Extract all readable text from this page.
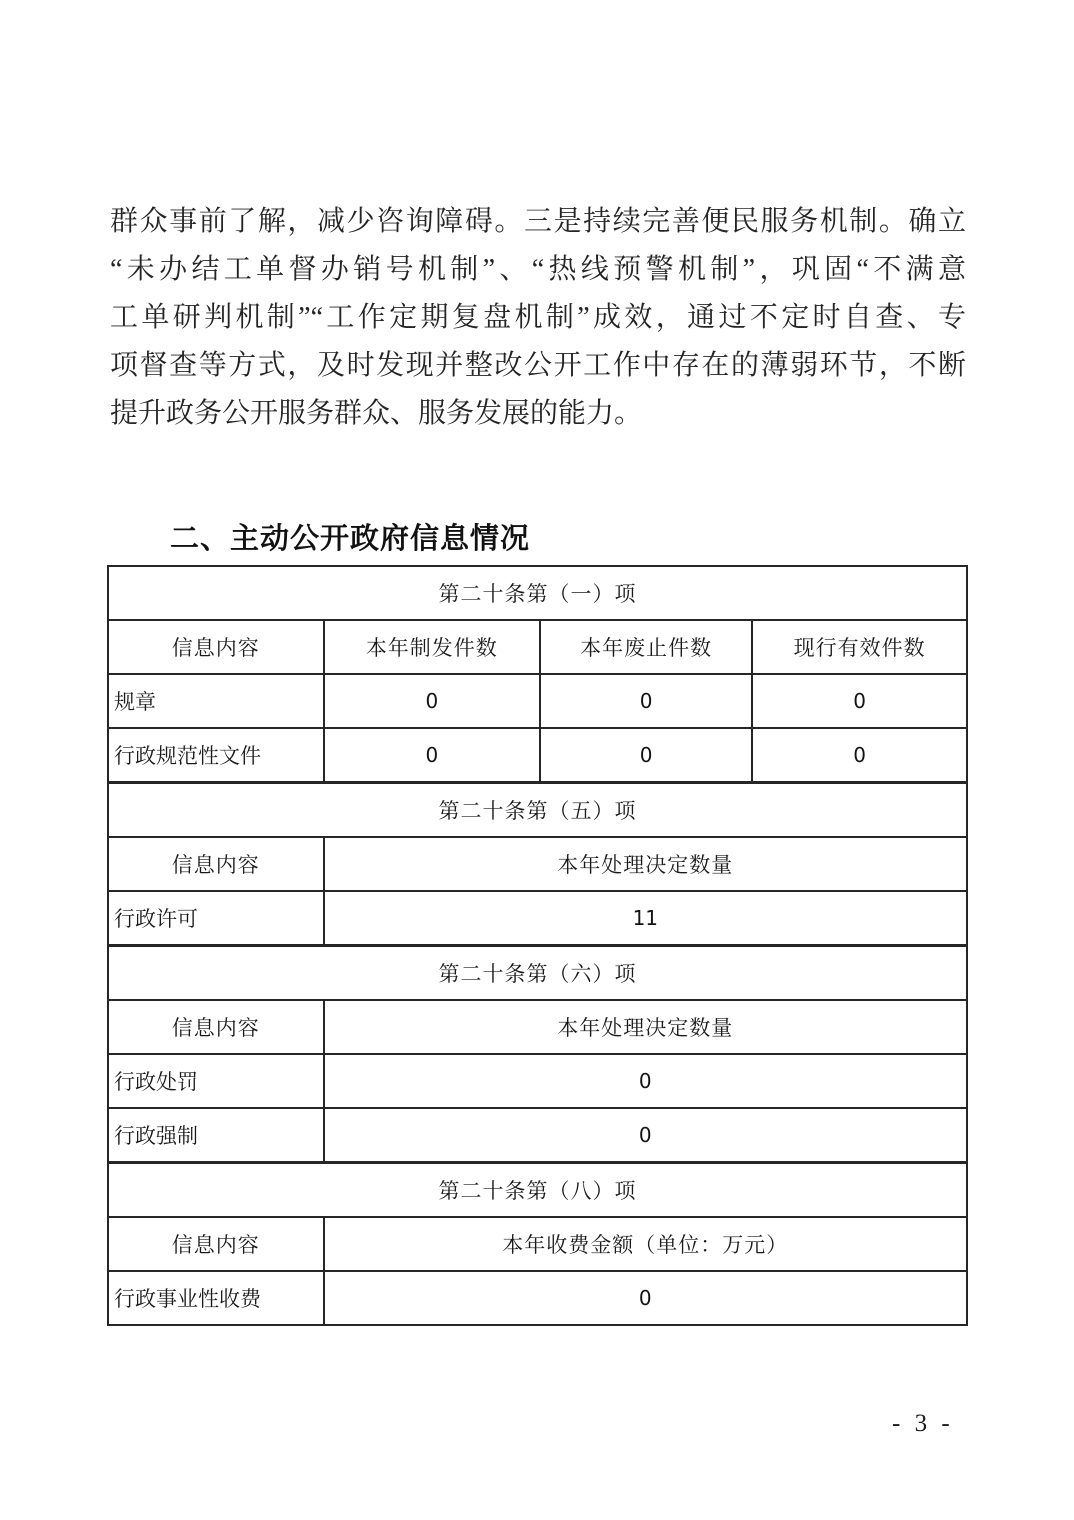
群众事前了解，减少咨询障碍。三是持续完善便民服务机制。确立
“未办结工单督办销号机制”、“热线预警机制”，巩固“不满意
工单研判机制”“工作定期复盘机制”成效，通过不定时自查、专
项督查等方式，及时发现并整改公开工作中存在的薄弱环节，不断
提升政务公开服务群众、服务发展的能力。
二、主动公开政府信息情况
第二十条第（一）项			
信息内容	本年制发件数	本年废止件数	现行有效件数
规章	0	0	0
行政规范性文件	0	0	0
第二十条第（五）项			
信息内容	本年处理决定数量		
行政许可	11		
第二十条第（六）项			
信息内容	本年处理决定数量		
行政处罚	0		
行政强制	0		
第二十条第（八）项			
信息内容	本年收费金额（单位：万元）		
行政事业性收费	0		
- 3 -
